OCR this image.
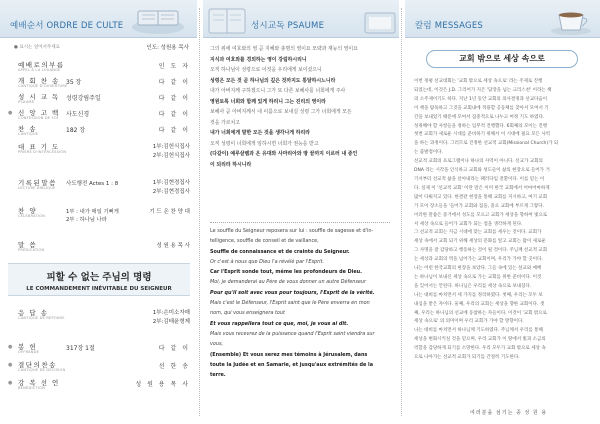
예배순서 ORDRE DE CULTE
● 표시는 일어서주세요	인도: 성원용 목사
예배로의부름
APPEL À LA LOUANGE	인 도 자
개 회 찬 송
CANTIQUE D'OUVERTURE
35 장	다 같 이
성 시 교 독
PSAUME	성령강림주일	다 같 이
● 신 앙 고 백
CONFESSION DE FOI 사도신경	다 같 이
찬 송
CANTIQUE	182 장	다 같 이
대 표 기 도
PRIÈRE D'INTERCESSION
1부:김헌식집사
2부:김헌식집사
기록된말씀
LECTURE BIBLIQUE
사도행전 Actes 1 : 8	1부:김현경집사
2부:김현경집사
찬 양
CÉLÉBRATION
1부 : 내가 매일 기뻐게
2부 : 하나님 나라
기 드 온 찬 양 대
말 씀
PRÉDICATION
성 원 용 목 사
피할 수 없는 주님의 명령
LE COMMANDEMENT INÉVITABLE DU SEIGNEUR
응 답 송
CANTIQUE DE RÉPONSE
1부:손미소자매
2부:김태윤형제
● 봉 헌
OFFRANDE	317장 1절	다 같 이
● 결단의찬송
CANTIQUE DE DÉCISION	선 한 송
● 강 복 선 언
BÉNÉDICTION	성 원 용 목 사
성시교독 PSAUME
그의 위에 여호와의 영 곧 지혜와 총명의 영이요 모략과 재능의 영이요
지식과 여호와를 경외하는 영이 강림하시리니
오직 하나님이 성령으로 이것을 우리에게 보이셨으니
성령은 모든 것 곧 하나님의 깊은 것까지도 통달하시느니라
내가 아버지께 구하겠으니 그가 또 다른 보혜사를 너희에게 주사
영원토록 너희와 함께 있게 하리니 그는 진리의 영이라
보혜사 곧 아버지께서 내 이름으로 보내실 성령 그가 너희에게 모든
것을 가르치고
내가 너희에게 말한 모든 것을 생각나게 하리라
오직 성령이 너희에게 임하시면 너희가 권능을 받고
(다같이) 예루살렘과 온 유대와 사마리아와 땅 끝까지 이르러 내 증인
이 되리라 하시니라
Le souffle du Seigneur reposera sur lui : souffle de sagesse et d'in-
telligence, souffle de conseil et de vaillance,
Souffle de connaissance et de crainte du Seigneur.
Or c'est à nous que Dieu l'a révélé par l'Esprit.
Car l'Esprit sonde tout, même les profondeurs de Dieu.
Moi, je demanderai au Père de vous donner un autre Défenseur
Pour qu'il soit avec vous pour toujours, l'Esprit de la vérité.
Mais c'est le Défenseur, l'Esprit saint que le Père enverra en mon
nom, qui vous enseignera tout
Et vous rappellera tout ce que, moi, je vous ai dit.
Mais vous recevrez de la puissance quand l'Esprit saint viendra sur
vous,
(Ensemble) Et vous serez mes témoins à Jérusalem, dans
toute la Judée et en Samarie, et jusqu'aux extrémités de la
terre.
칼럼 MESSAGES
교회 밖으로 세상 속으로
이번 정평 선교대회는 '교회 밖으로 세상 속으로' 라는 주제로 진행
되었는데, 이것은 J.D. 그리어가 지은 '담장을 넘는 크리스천' 이라는 책
의 소주제이기도 하다. 지난 1년 동안 교회의 의사결정과 선교다음이
이 책을 탐독하고 그것을 교회내에 적용할 공동체를 찾아서 모여서 기
간을 보내었기 때문에 모여서 집중적으로 나누고 여정 기도 하였다.
성취해야 할 사항들을 정하는 임무적 진행했다. 6회째의 모이는 진행
첫번 교회가 새로운 시대를 준비하기 위해서 이 시대에 필요 모든 사역
을 하는 과정이다. 그러므로 진정한 선교적 교회(Missional Church)가 되
는 출발점이다.
선교적 교회의 프로그램이나 하나의 사역이 아니다. 선교가 교회의
DNA 라는 시각을 인식하고 교회와 성도들이 삶의 현장으로 들어가 거
기서부터 선교적 삶을 살아내라는 패러다임 전환이다. 이를 믿는 이
다. 실제 이 '선교적 교회' 이란 말은 이미 한국 교회에서 어마어마하게
많이 다뤄지고 있다. 한결같 현장을 통해 교회를 지시하고, 여기 교회
가 모이 장소들을 '들어가 교회와 집을, 흩으 교회에 부르게 그렇다.
이러한 말씀은 증거에서 성도를 모으고 교회가 세상을 향하여 빛으로
서 세상 속으로 들어가 교회가 되는 점을 생각하게 된다.
그 선교적 교회는 지금 시대에 맞는 교회를 세우는 것이다. 교회가
세상 속에서 교회 되기 위해 세상의 문화를 알고 교회는 많이 새로운
그 사명을 잘 감당하고 행동하는 것이 될 것이다. 주님께 선교적 교회
는 세상과 교회의 벽을 넘어가는 교회이며, 우리가 가야 할 곳이다.
나는 어떤 한국교회의 현장을 보았다. 그들 속에 있는 설교와 예배
는 하나님이 보내신 세상 속으로 가는 교회를 위한 준비이다. 이것
을 잊어서는 안된다. 하나님은 우리를 세상 속으로 보내셨다.
나는 대희를 마치면서 세 가지를 정리하였다. 첫째, 우리는 모두 보
내심을 받은 자이다. 둘째, 우리의 교회는 세상을 향한 교회이다. 셋
째, 우리는 하나님의 선교에 동참하는 자들이다. 이것이 '교회 밖으로
세상 속으로' 의 의미이며 우리 교회가 가야 할 방향이다.
나는 대희를 마치면서 하나님께 기도하였다. 주님께서 우리를 통해
세상을 변화시키실 것을 믿으며, 우리 교회가 이 땅에서 빛과 소금의
역할을 감당하게 되기를 소망한다. 우리 모두가 교회 밖으로 세상 속
으로 나아가는 선교적 교회가 되기를 간절히 기도한다.
여러분을 섬기는 종 성 원 용
